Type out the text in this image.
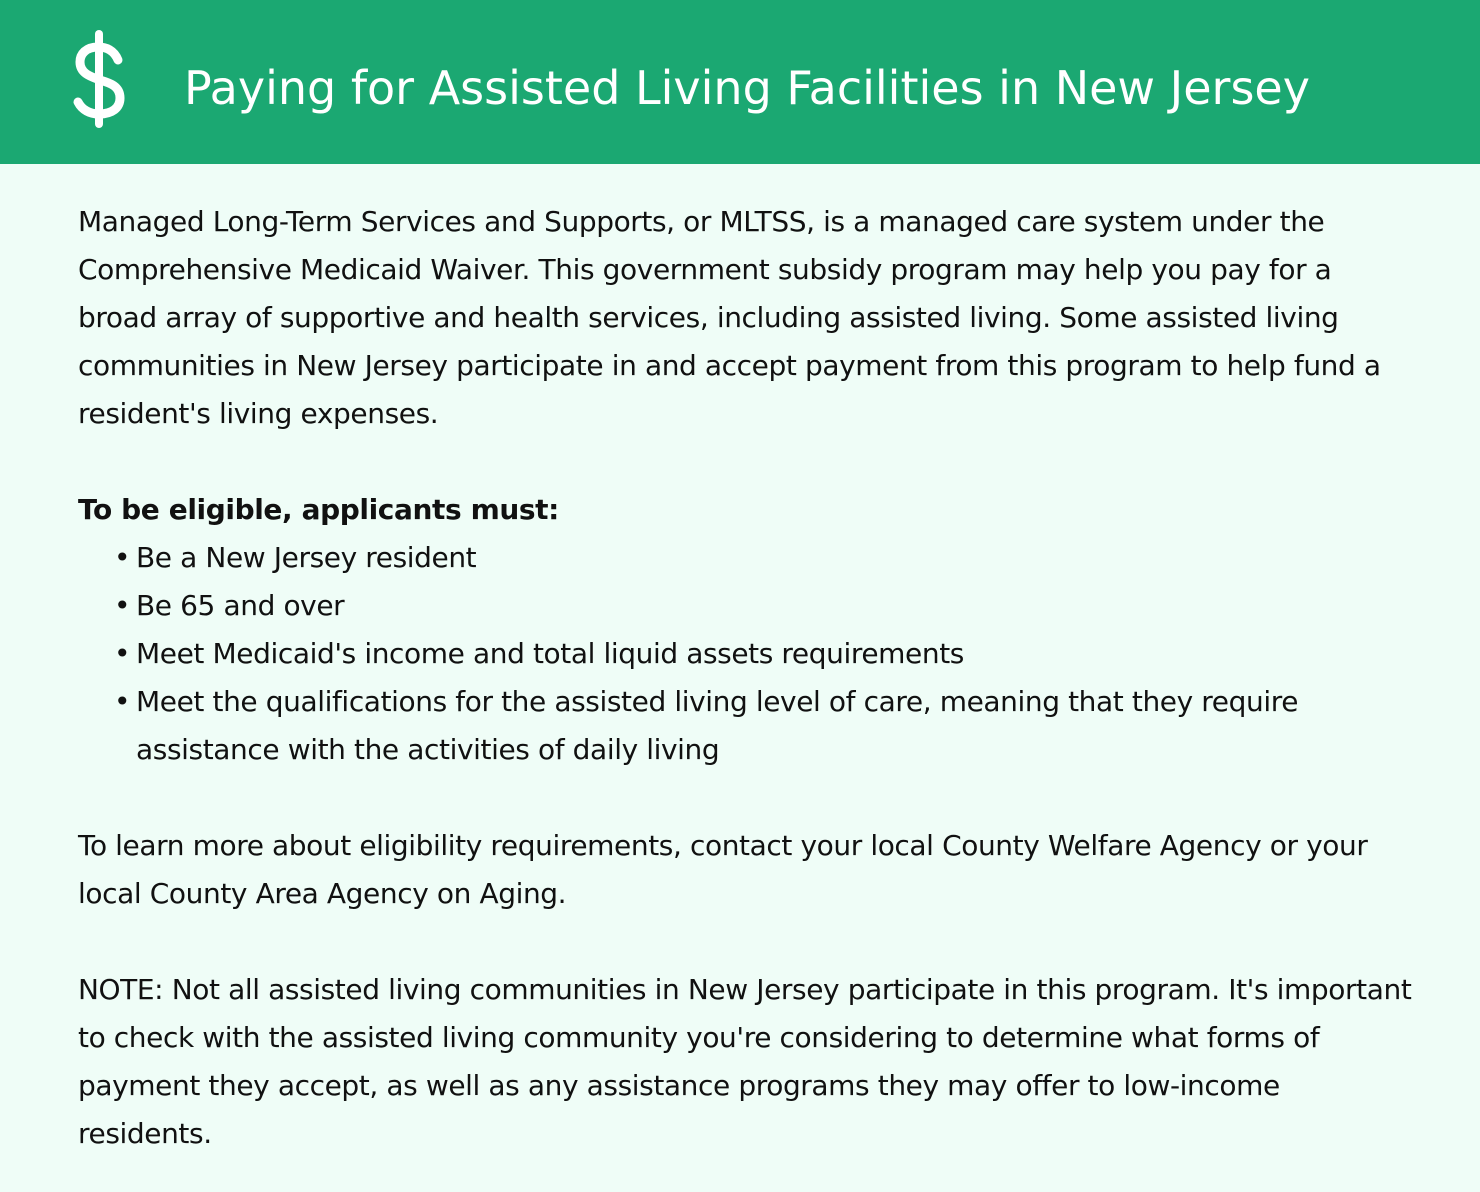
Paying for Assisted Living Facilities in New Jersey

Managed Long-Term Services and Supports, or MLTSS, is a managed care system under the Comprehensive Medicaid Waiver. This government subsidy program may help you pay for a broad array of supportive and health services, including assisted living. Some assisted living communities in New Jersey participate in and accept payment from this program to help fund a resident's living expenses.

To be eligible, applicants must:

• Be a New Jersey resident
• Be 65 and over
• Meet Medicaid's income and total liquid assets requirements
• Meet the qualifications for the assisted living level of care, meaning that they require assistance with the activities of daily living

To learn more about eligibility requirements, contact your local County Welfare Agency or your local County Area Agency on Aging.

NOTE: Not all assisted living communities in New Jersey participate in this program. It's important to check with the assisted living community you're considering to determine what forms of payment they accept, as well as any assistance programs they may offer to low-income residents.
